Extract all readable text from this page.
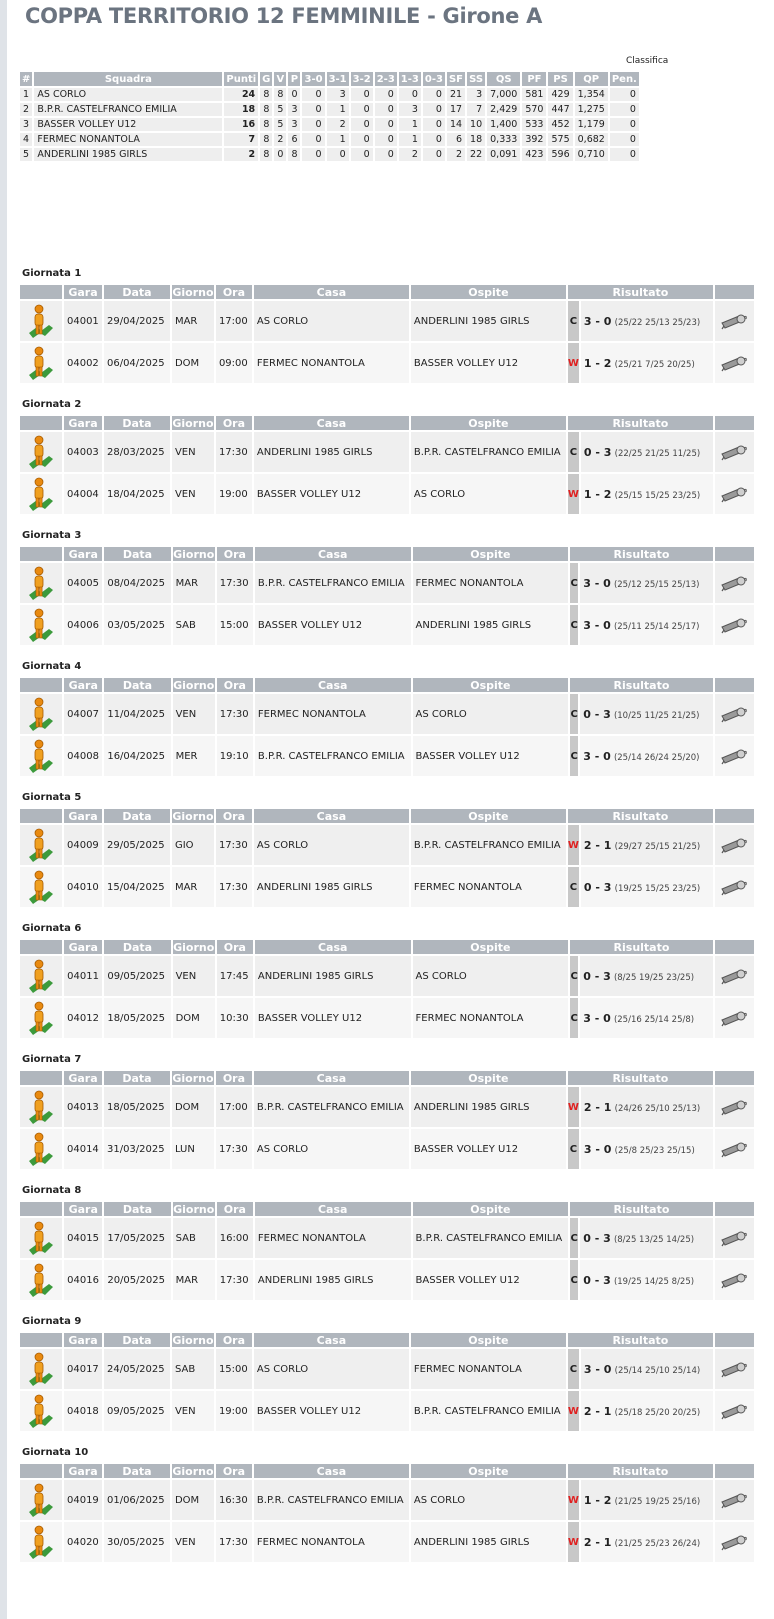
COPPA TERRITORIO 12 FEMMINILE - Girone A
Classifica
#	Squadra	Punti	G	V	P	3-0	3-1	3-2	2-3	1-3	0-3	SF	SS	QS	PF	PS	QP	Pen.
1	AS CORLO	24	8	8	0	0	3	0	0	0	0	21	3	7,000	581	429	1,354	0
2	B.P.R. CASTELFRANCO EMILIA	18	8	5	3	0	1	0	0	3	0	17	7	2,429	570	447	1,275	0
3	BASSER VOLLEY U12	16	8	5	3	0	2	0	0	1	0	14	10	1,400	533	452	1,179	0
4	FERMEC NONANTOLA	7	8	2	6	0	1	0	0	1	0	6	18	0,333	392	575	0,682	0
5	ANDERLINI 1985 GIRLS	2	8	0	8	0	0	0	0	2	0	2	22	0,091	423	596	0,710	0
Giornata 1
	Gara	Data	Giorno	Ora	Casa	Ospite	Risultato		
	04001	29/04/2025	MAR	17:00	AS CORLO	ANDERLINI 1985 GIRLS	C	3 - 0 (25/22 25/13 25/23)	
	04002	06/04/2025	DOM	09:00	FERMEC NONANTOLA	BASSER VOLLEY U12	W	1 - 2 (25/21 7/25 20/25)	
Giornata 2
	Gara	Data	Giorno	Ora	Casa	Ospite	Risultato		
	04003	28/03/2025	VEN	17:30	ANDERLINI 1985 GIRLS	B.P.R. CASTELFRANCO EMILIA	C	0 - 3 (22/25 21/25 11/25)	
	04004	18/04/2025	VEN	19:00	BASSER VOLLEY U12	AS CORLO	W	1 - 2 (25/15 15/25 23/25)	
Giornata 3
	Gara	Data	Giorno	Ora	Casa	Ospite	Risultato		
	04005	08/04/2025	MAR	17:30	B.P.R. CASTELFRANCO EMILIA	FERMEC NONANTOLA	C	3 - 0 (25/12 25/15 25/13)	
	04006	03/05/2025	SAB	15:00	BASSER VOLLEY U12	ANDERLINI 1985 GIRLS	C	3 - 0 (25/11 25/14 25/17)	
Giornata 4
	Gara	Data	Giorno	Ora	Casa	Ospite	Risultato		
	04007	11/04/2025	VEN	17:30	FERMEC NONANTOLA	AS CORLO	C	0 - 3 (10/25 11/25 21/25)	
	04008	16/04/2025	MER	19:10	B.P.R. CASTELFRANCO EMILIA	BASSER VOLLEY U12	C	3 - 0 (25/14 26/24 25/20)	
Giornata 5
	Gara	Data	Giorno	Ora	Casa	Ospite	Risultato		
	04009	29/05/2025	GIO	17:30	AS CORLO	B.P.R. CASTELFRANCO EMILIA	W	2 - 1 (29/27 25/15 21/25)	
	04010	15/04/2025	MAR	17:30	ANDERLINI 1985 GIRLS	FERMEC NONANTOLA	C	0 - 3 (19/25 15/25 23/25)	
Giornata 6
	Gara	Data	Giorno	Ora	Casa	Ospite	Risultato		
	04011	09/05/2025	VEN	17:45	ANDERLINI 1985 GIRLS	AS CORLO	C	0 - 3 (8/25 19/25 23/25)	
	04012	18/05/2025	DOM	10:30	BASSER VOLLEY U12	FERMEC NONANTOLA	C	3 - 0 (25/16 25/14 25/8)	
Giornata 7
	Gara	Data	Giorno	Ora	Casa	Ospite	Risultato		
	04013	18/05/2025	DOM	17:00	B.P.R. CASTELFRANCO EMILIA	ANDERLINI 1985 GIRLS	W	2 - 1 (24/26 25/10 25/13)	
	04014	31/03/2025	LUN	17:30	AS CORLO	BASSER VOLLEY U12	C	3 - 0 (25/8 25/23 25/15)	
Giornata 8
	Gara	Data	Giorno	Ora	Casa	Ospite	Risultato		
	04015	17/05/2025	SAB	16:00	FERMEC NONANTOLA	B.P.R. CASTELFRANCO EMILIA	C	0 - 3 (8/25 13/25 14/25)	
	04016	20/05/2025	MAR	17:30	ANDERLINI 1985 GIRLS	BASSER VOLLEY U12	C	0 - 3 (19/25 14/25 8/25)	
Giornata 9
	Gara	Data	Giorno	Ora	Casa	Ospite	Risultato		
	04017	24/05/2025	SAB	15:00	AS CORLO	FERMEC NONANTOLA	C	3 - 0 (25/14 25/10 25/14)	
	04018	09/05/2025	VEN	19:00	BASSER VOLLEY U12	B.P.R. CASTELFRANCO EMILIA	W	2 - 1 (25/18 25/20 20/25)	
Giornata 10
	Gara	Data	Giorno	Ora	Casa	Ospite	Risultato		
	04019	01/06/2025	DOM	16:30	B.P.R. CASTELFRANCO EMILIA	AS CORLO	W	1 - 2 (21/25 19/25 25/16)	
	04020	30/05/2025	VEN	17:30	FERMEC NONANTOLA	ANDERLINI 1985 GIRLS	W	2 - 1 (21/25 25/23 26/24)	
